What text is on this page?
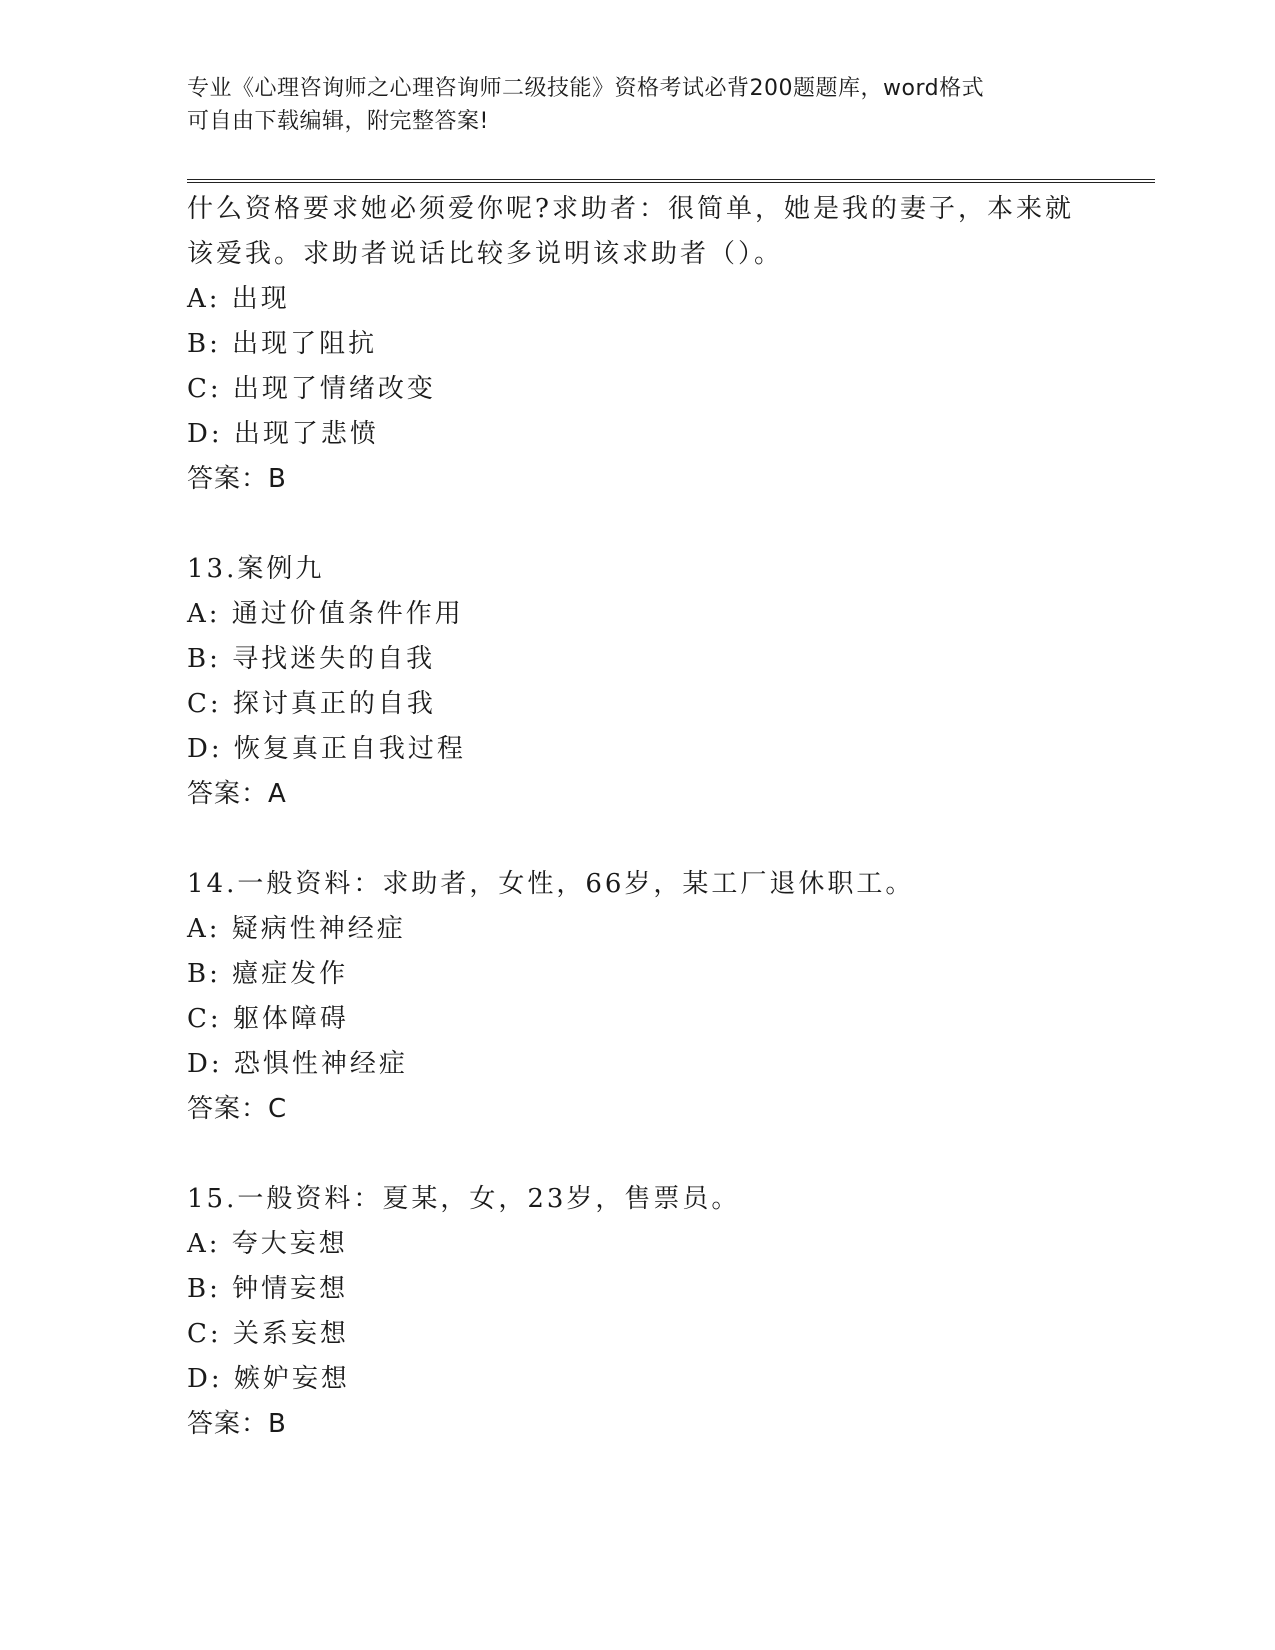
专业《心理咨询师之心理咨询师二级技能》资格考试必背200题题库，word格式
可自由下载编辑，附完整答案!
什么资格要求她必须爱你呢?求助者：很简单，她是我的妻子，本来就
该爱我。求助者说话比较多说明该求助者（）。
A: 出现
B: 出现了阻抗
C: 出现了情绪改变
D: 出现了悲愤
答案：B
13.案例九
A: 通过价值条件作用
B: 寻找迷失的自我
C: 探讨真正的自我
D: 恢复真正自我过程
答案：A
14.一般资料：求助者，女性，66岁，某工厂退休职工。
A: 疑病性神经症
B: 癔症发作
C: 躯体障碍
D: 恐惧性神经症
答案：C
15.一般资料：夏某，女，23岁，售票员。
A: 夸大妄想
B: 钟情妄想
C: 关系妄想
D: 嫉妒妄想
答案：B
